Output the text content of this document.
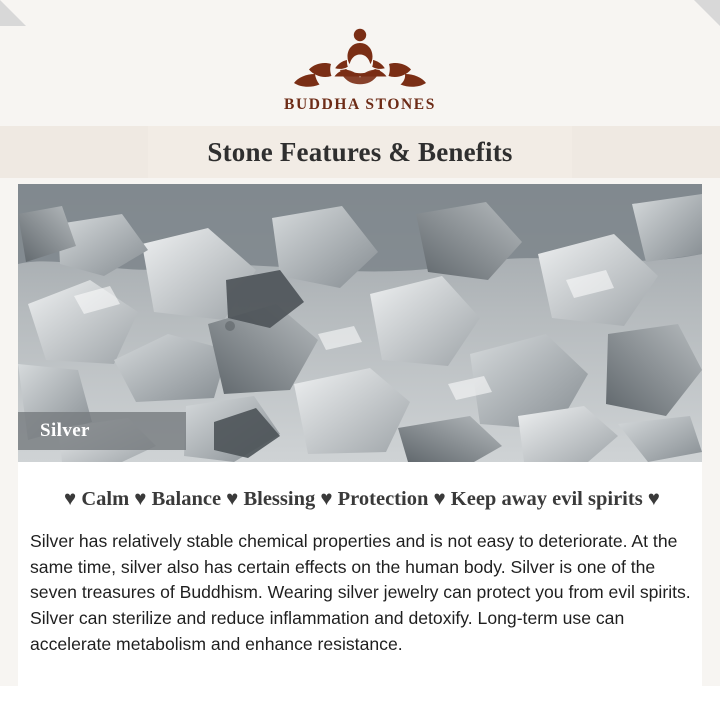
BUDDHA STONES
Stone Features & Benefits
Silver
♥ Calm ♥ Balance ♥ Blessing ♥ Protection ♥ Keep away evil spirits ♥

Silver has relatively stable chemical properties and is not easy to deteriorate. At the same time, silver also has certain effects on the human body. Silver is one of the seven treasures of Buddhism. Wearing silver jewelry can protect you from evil spirits. Silver can sterilize and reduce inflammation and detoxify. Long-term use can accelerate metabolism and enhance resistance.
